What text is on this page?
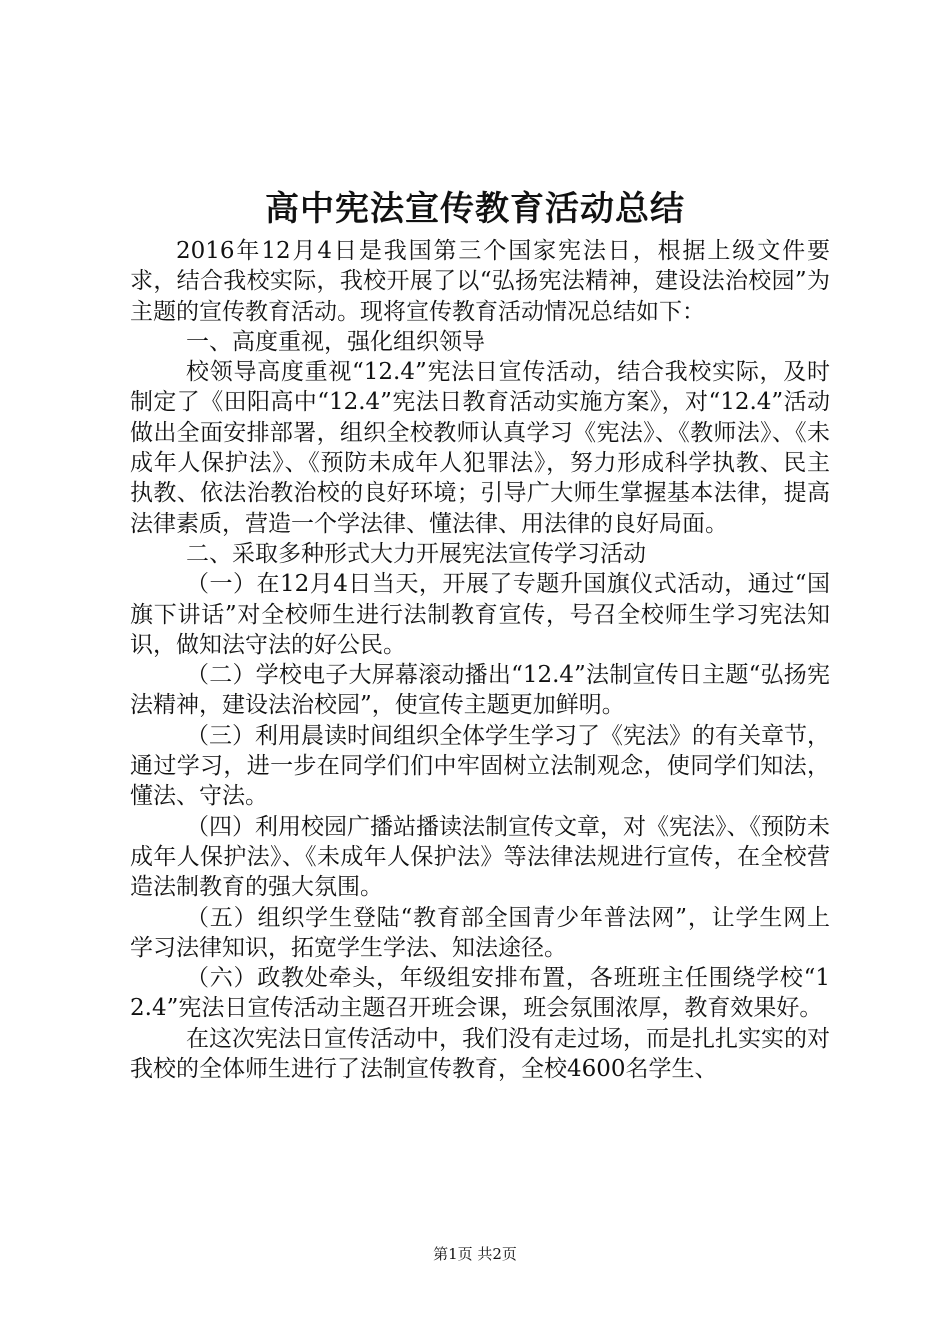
高中宪法宣传教育活动总结

2016年12月4日是我国第三个国家宪法日，根据上级文件要求，结合我校实际，我校开展了以“弘扬宪法精神，建设法治校园”为主题的宣传教育活动。现将宣传教育活动情况总结如下：

一、高度重视，强化组织领导

校领导高度重视“12.4”宪法日宣传活动，结合我校实际，及时制定了《田阳高中“12.4”宪法日教育活动实施方案》，对“12.4”活动做出全面安排部署，组织全校教师认真学习《宪法》、《教师法》、《未成年人保护法》、《预防未成年人犯罪法》，努力形成科学执教、民主执教、依法治教治校的良好环境；引导广大师生掌握基本法律，提高法律素质，营造一个学法律、懂法律、用法律的良好局面。

二、采取多种形式大力开展宪法宣传学习活动

（一）在12月4日当天，开展了专题升国旗仪式活动，通过“国旗下讲话”对全校师生进行法制教育宣传，号召全校师生学习宪法知识，做知法守法的好公民。

（二）学校电子大屏幕滚动播出“12.4”法制宣传日主题“弘扬宪法精神，建设法治校园”，使宣传主题更加鲜明。

（三）利用晨读时间组织全体学生学习了《宪法》的有关章节，通过学习，进一步在同学们们中牢固树立法制观念，使同学们知法，懂法、守法。

（四）利用校园广播站播读法制宣传文章，对《宪法》、《预防未成年人保护法》、《未成年人保护法》等法律法规进行宣传，在全校营造法制教育的强大氛围。

（五）组织学生登陆“教育部全国青少年普法网”，让学生网上学习法律知识，拓宽学生学法、知法途径。

（六）政教处牵头，年级组安排布置，各班班主任围绕学校“12.4”宪法日宣传活动主题召开班会课，班会氛围浓厚，教育效果好。

在这次宪法日宣传活动中，我们没有走过场，而是扎扎实实的对我校的全体师生进行了法制宣传教育，全校4600名学生、

第1页 共2页
